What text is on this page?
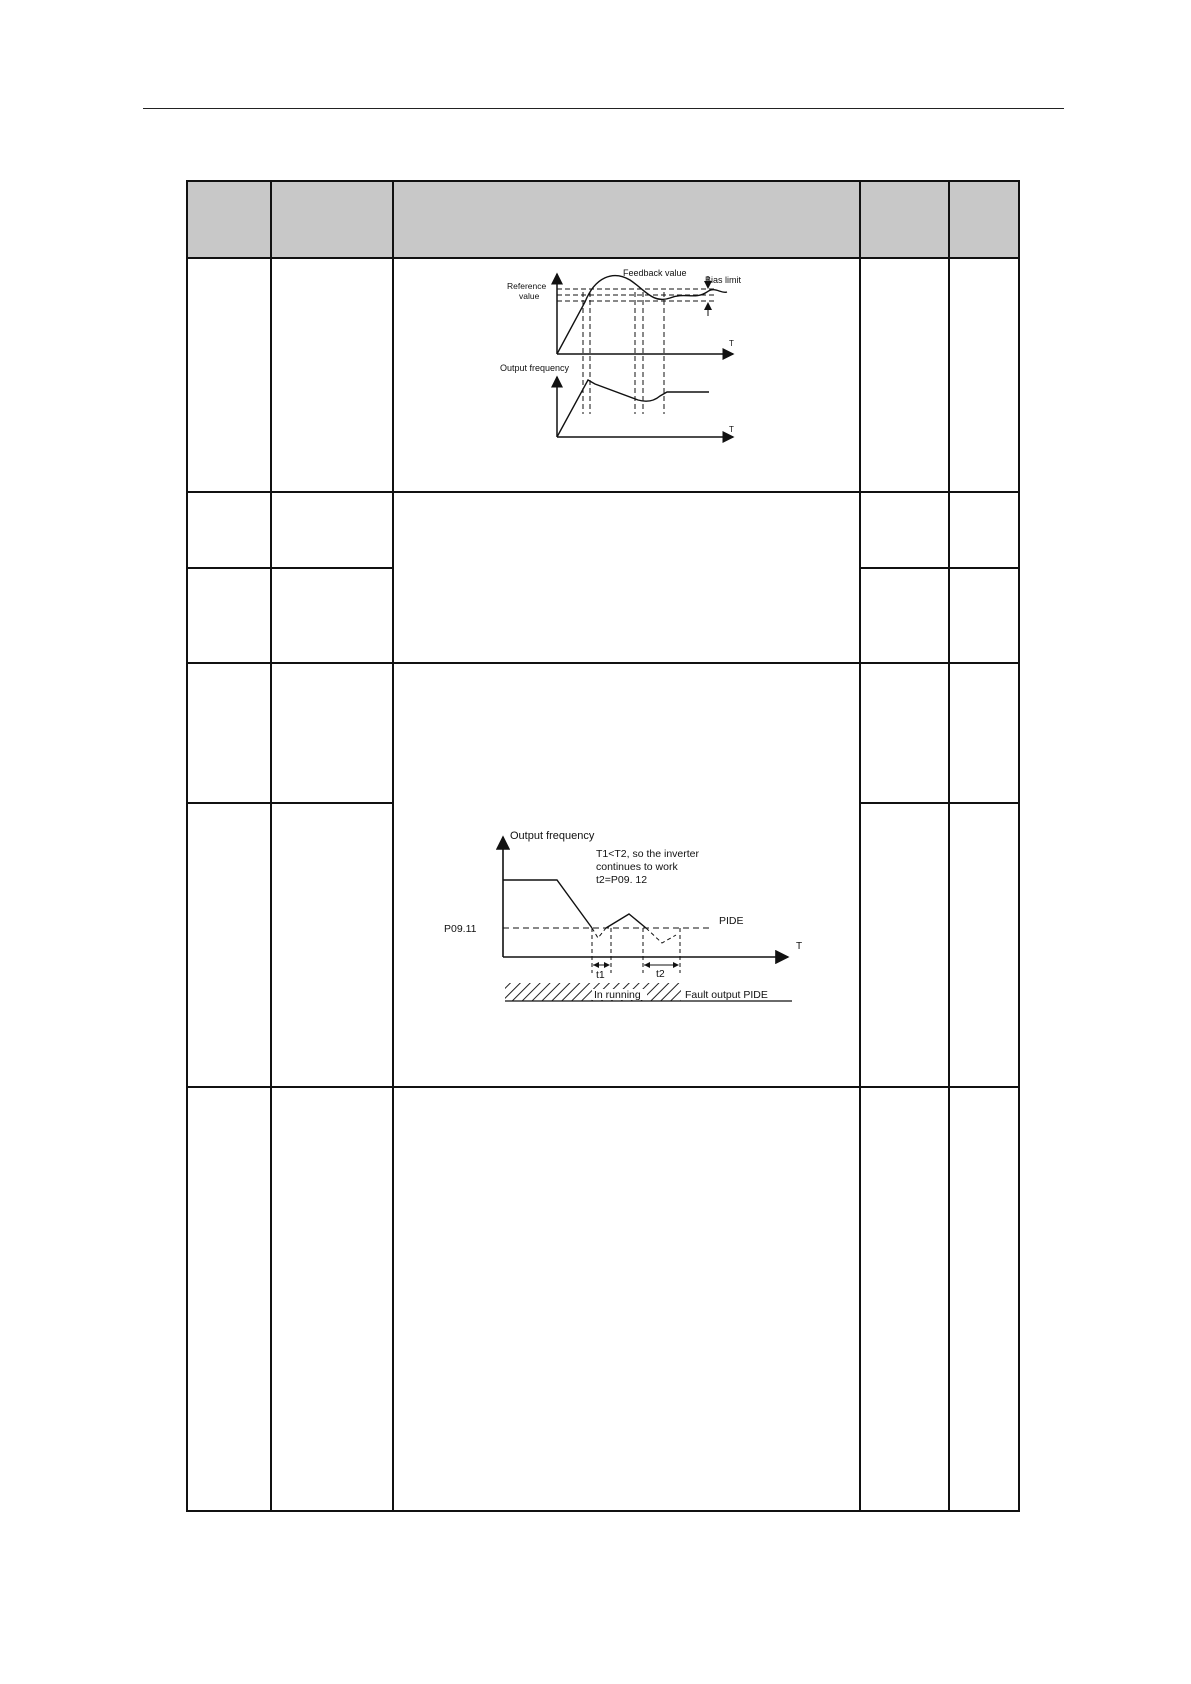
Feedback value
Bias limit
Reference
value
T
Output frequency
T
Output frequency
T1<T2, so the inverter
continues to work
t2=P09. 12
P09.11
PIDE
T
t1	t2
In running	Fault output PIDE
